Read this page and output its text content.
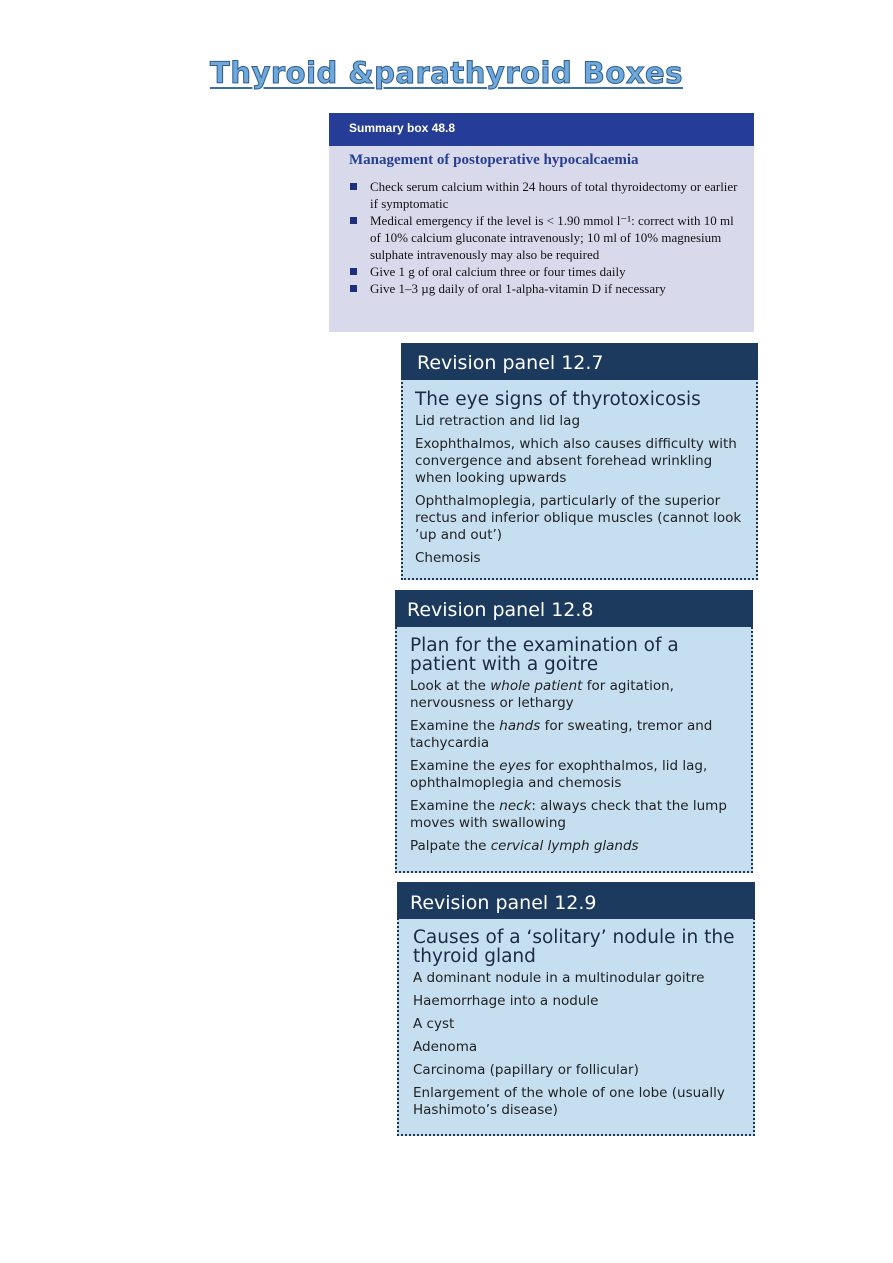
Thyroid &parathyroid Boxes
Summary box 48.8
Management of postoperative hypocalcaemia
Check serum calcium within 24 hours of total thyroidectomy or earlier if symptomatic
Medical emergency if the level is < 1.90 mmol l⁻¹: correct with 10 ml of 10% calcium gluconate intravenously; 10 ml of 10% magnesium sulphate intravenously may also be required
Give 1 g of oral calcium three or four times daily
Give 1–3 µg daily of oral 1-alpha-vitamin D if necessary
Revision panel 12.7
The eye signs of thyrotoxicosis
Lid retraction and lid lag
Exophthalmos, which also causes difficulty with convergence and absent forehead wrinkling when looking upwards
Ophthalmoplegia, particularly of the superior rectus and inferior oblique muscles (cannot look ’up and out’)
Chemosis
Revision panel 12.8
Plan for the examination of a patient with a goitre
Look at the whole patient for agitation, nervousness or lethargy
Examine the hands for sweating, tremor and tachycardia
Examine the eyes for exophthalmos, lid lag, ophthalmoplegia and chemosis
Examine the neck: always check that the lump moves with swallowing
Palpate the cervical lymph glands
Revision panel 12.9
Causes of a ‘solitary’ nodule in the thyroid gland
A dominant nodule in a multinodular goitre
Haemorrhage into a nodule
A cyst
Adenoma
Carcinoma (papillary or follicular)
Enlargement of the whole of one lobe (usually Hashimoto’s disease)
